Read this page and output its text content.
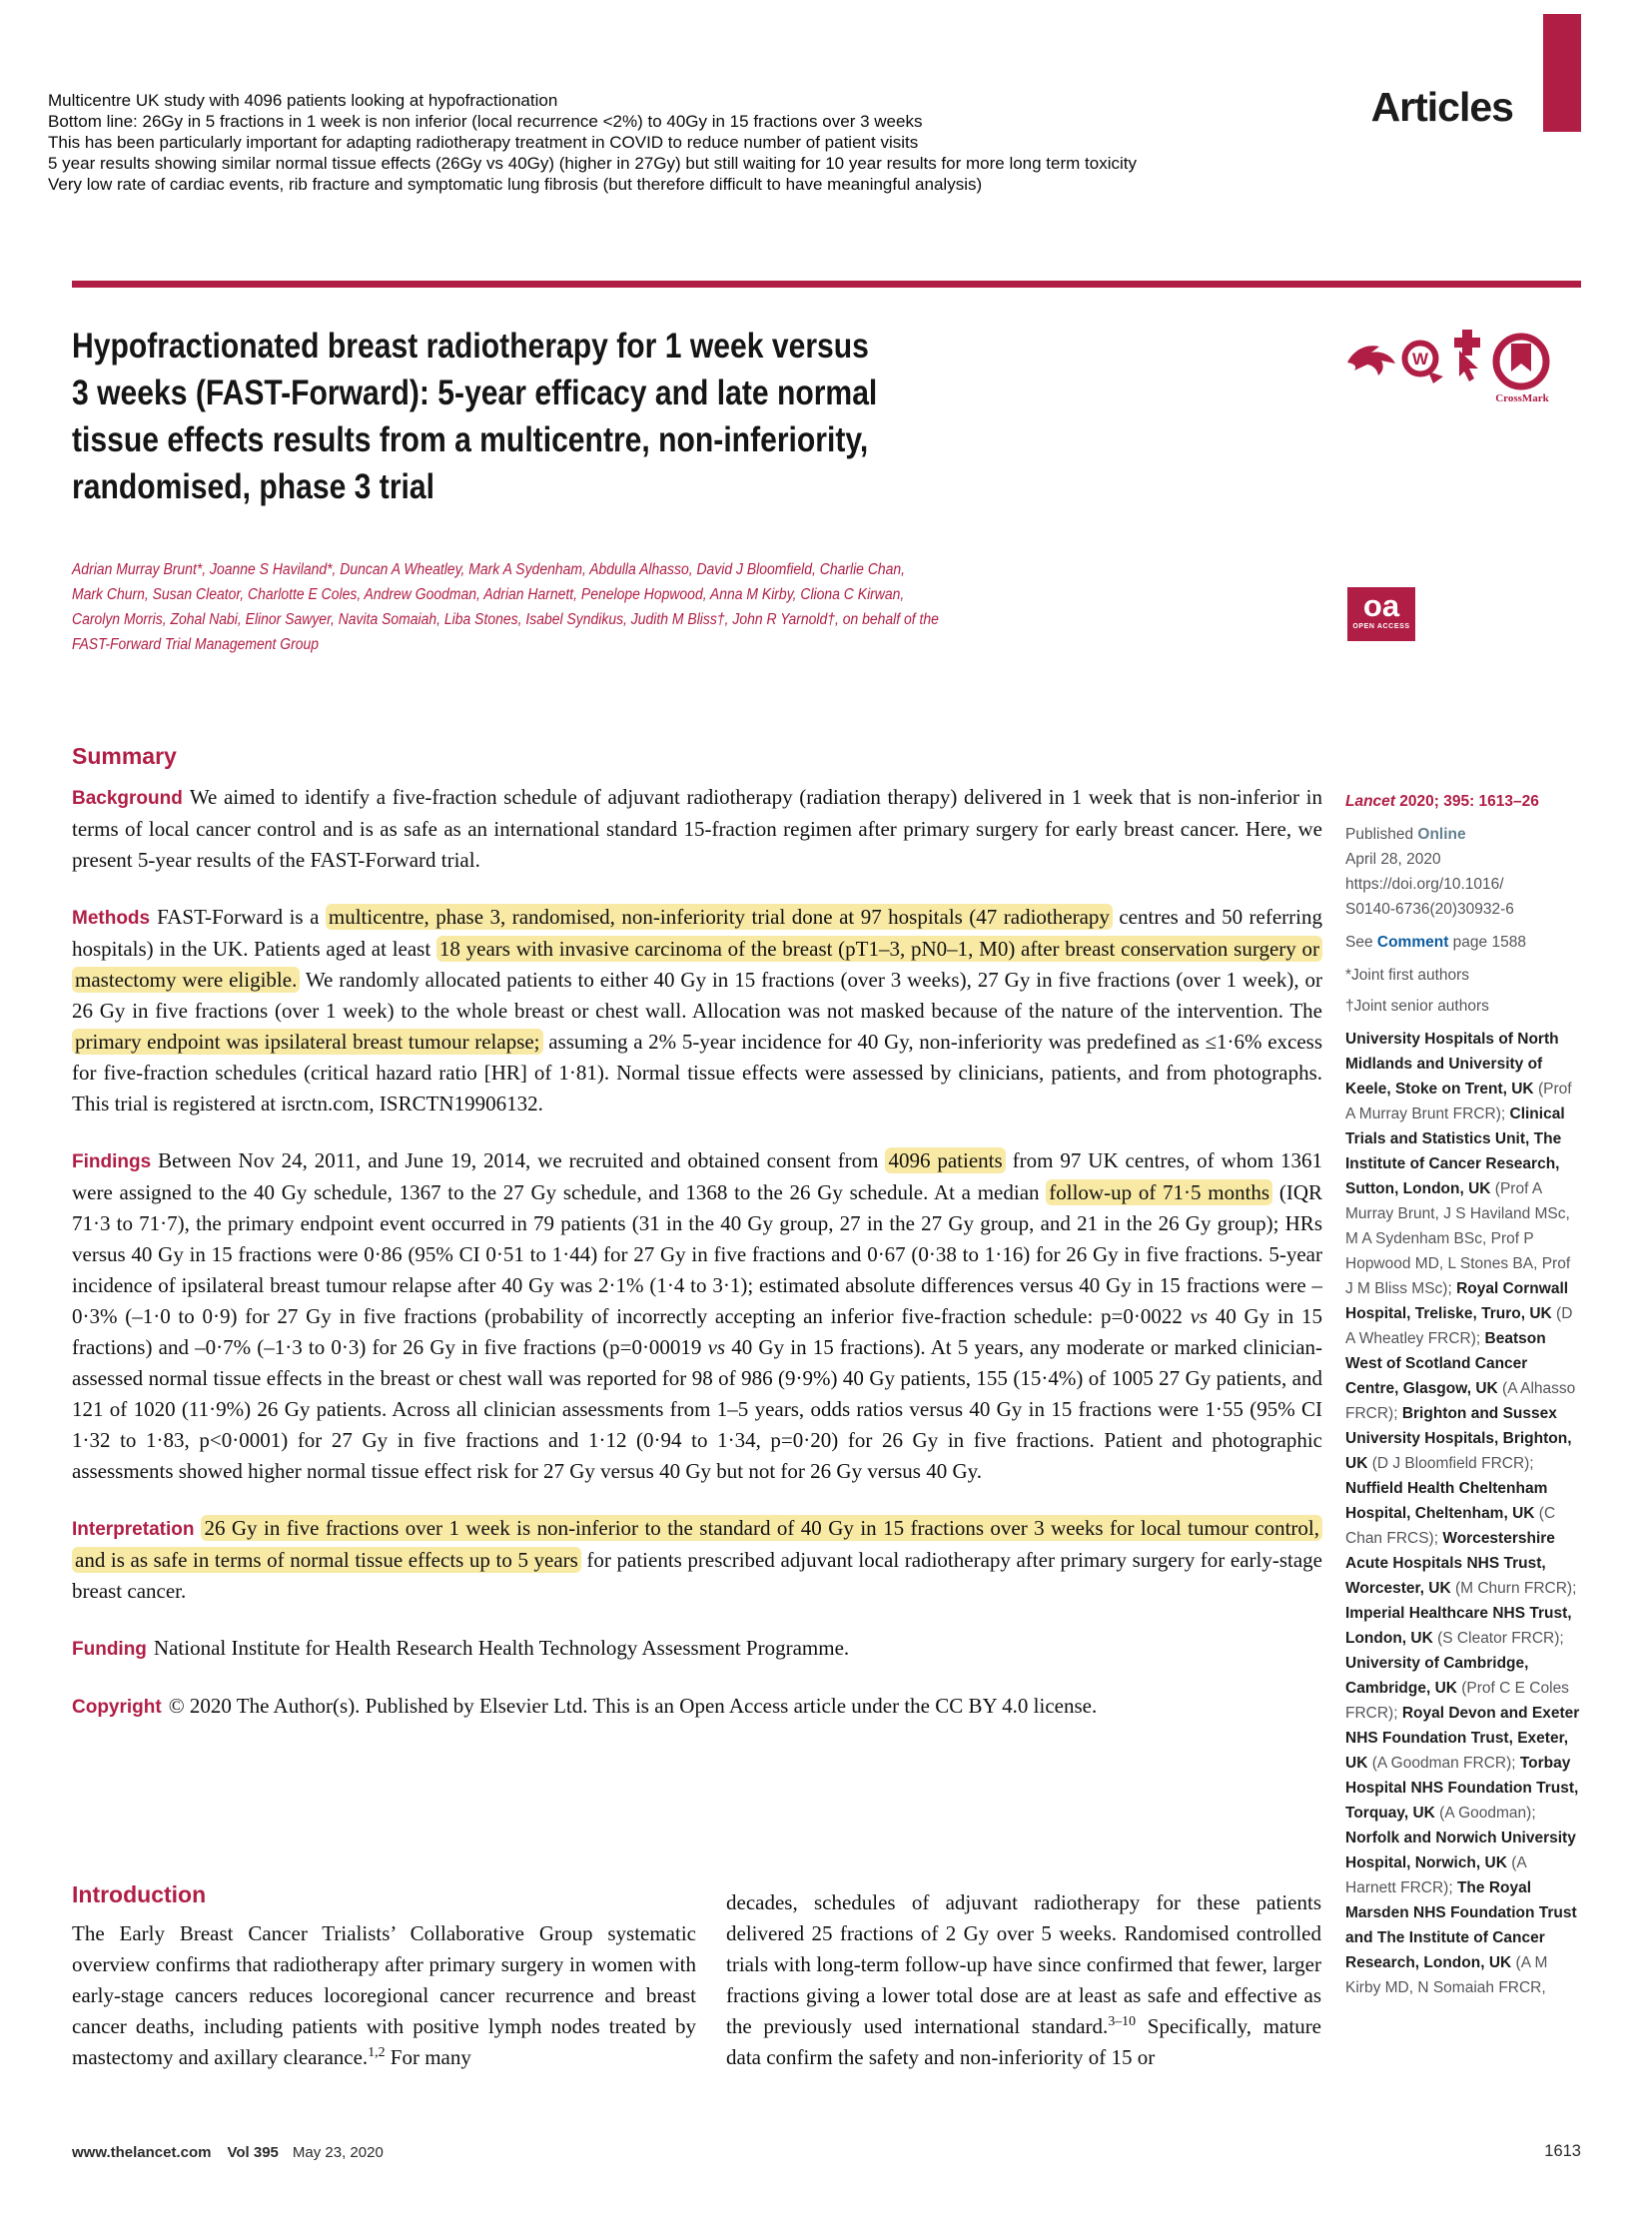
Multicentre UK study with 4096 patients looking at hypofractionation
Bottom line: 26Gy in 5 fractions in 1 week is non inferior (local recurrence <2%) to 40Gy in 15 fractions over 3 weeks
This has been particularly important for adapting radiotherapy treatment in COVID to reduce number of patient visits
5 year results showing similar normal tissue effects (26Gy vs 40Gy) (higher in 27Gy) but still waiting for 10 year results for more long term toxicity
Very low rate of cardiac events, rib fracture and symptomatic lung fibrosis (but therefore difficult to have meaningful analysis)
Articles
Hypofractionated breast radiotherapy for 1 week versus
3 weeks (FAST-Forward): 5-year efficacy and late normal
tissue effects results from a multicentre, non-inferiority,
randomised, phase 3 trial
Adrian Murray Brunt*, Joanne S Haviland*, Duncan A Wheatley, Mark A Sydenham, Abdulla Alhasso, David J Bloomfield, Charlie Chan,
Mark Churn, Susan Cleator, Charlotte E Coles, Andrew Goodman, Adrian Harnett, Penelope Hopwood, Anna M Kirby, Cliona C Kirwan,
Carolyn Morris, Zohal Nabi, Elinor Sawyer, Navita Somaiah, Liba Stones, Isabel Syndikus, Judith M Bliss†, John R Yarnold†, on behalf of the
FAST-Forward Trial Management Group
W
CrossMark
oa
OPEN ACCESS
Summary

Background We aimed to identify a five-fraction schedule of adjuvant radiotherapy (radiation therapy) delivered in 1 week that is non-inferior in terms of local cancer control and is as safe as an international standard 15-fraction regimen after primary surgery for early breast cancer. Here, we present 5-year results of the FAST-Forward trial.

Methods FAST-Forward is a multicentre, phase 3, randomised, non-inferiority trial done at 97 hospitals (47 radiotherapy centres and 50 referring hospitals) in the UK. Patients aged at least 18 years with invasive carcinoma of the breast (pT1–3, pN0–1, M0) after breast conservation surgery or mastectomy were eligible. We randomly allocated patients to either 40 Gy in 15 fractions (over 3 weeks), 27 Gy in five fractions (over 1 week), or 26 Gy in five fractions (over 1 week) to the whole breast or chest wall. Allocation was not masked because of the nature of the intervention. The primary endpoint was ipsilateral breast tumour relapse; assuming a 2% 5-year incidence for 40 Gy, non-inferiority was predefined as ≤1·6% excess for five-fraction schedules (critical hazard ratio [HR] of 1·81). Normal tissue effects were assessed by clinicians, patients, and from photographs. This trial is registered at isrctn.com, ISRCTN19906132.

Findings Between Nov 24, 2011, and June 19, 2014, we recruited and obtained consent from 4096 patients from 97 UK centres, of whom 1361 were assigned to the 40 Gy schedule, 1367 to the 27 Gy schedule, and 1368 to the 26 Gy schedule. At a median follow-up of 71·5 months (IQR 71·3 to 71·7), the primary endpoint event occurred in 79 patients (31 in the 40 Gy group, 27 in the 27 Gy group, and 21 in the 26 Gy group); HRs versus 40 Gy in 15 fractions were 0·86 (95% CI 0·51 to 1·44) for 27 Gy in five fractions and 0·67 (0·38 to 1·16) for 26 Gy in five fractions. 5-year incidence of ipsilateral breast tumour relapse after 40 Gy was 2·1% (1·4 to 3·1); estimated absolute differences versus 40 Gy in 15 fractions were –0·3% (–1·0 to 0·9) for 27 Gy in five fractions (probability of incorrectly accepting an inferior five-fraction schedule: p=0·0022 vs 40 Gy in 15 fractions) and –0·7% (–1·3 to 0·3) for 26 Gy in five fractions (p=0·00019 vs 40 Gy in 15 fractions). At 5 years, any moderate or marked clinician-assessed normal tissue effects in the breast or chest wall was reported for 98 of 986 (9·9%) 40 Gy patients, 155 (15·4%) of 1005 27 Gy patients, and 121 of 1020 (11·9%) 26 Gy patients. Across all clinician assessments from 1–5 years, odds ratios versus 40 Gy in 15 fractions were 1·55 (95% CI 1·32 to 1·83, p<0·0001) for 27 Gy in five fractions and 1·12 (0·94 to 1·34, p=0·20) for 26 Gy in five fractions. Patient and photographic assessments showed higher normal tissue effect risk for 27 Gy versus 40 Gy but not for 26 Gy versus 40 Gy.

Interpretation 26 Gy in five fractions over 1 week is non-inferior to the standard of 40 Gy in 15 fractions over 3 weeks for local tumour control, and is as safe in terms of normal tissue effects up to 5 years for patients prescribed adjuvant local radiotherapy after primary surgery for early-stage breast cancer.

Funding National Institute for Health Research Health Technology Assessment Programme.

Copyright © 2020 The Author(s). Published by Elsevier Ltd. This is an Open Access article under the CC BY 4.0 license.

Introduction

The Early Breast Cancer Trialists’ Collaborative Group systematic overview confirms that radiotherapy after primary surgery in women with early-stage cancers reduces locoregional cancer recurrence and breast cancer deaths, including patients with positive lymph nodes treated by mastectomy and axillary clearance.$^{1,2}$ For many

decades, schedules of adjuvant radiotherapy for these patients delivered 25 fractions of 2 Gy over 5 weeks. Randomised controlled trials with long-term follow-up have since confirmed that fewer, larger fractions giving a lower total dose are at least as safe and effective as the previously used international standard.$^{3-10}$ Specifically, mature data confirm the safety and non-inferiority of 15 or

Lancet 2020; 395: 1613–26
Published Online
April 28, 2020
https://doi.org/10.1016/
S0140-6736(20)30932-6
See Comment page 1588
*Joint first authors
†Joint senior authors
University Hospitals of North Midlands and University of Keele, Stoke on Trent, UK (Prof A Murray Brunt FRCR); Clinical Trials and Statistics Unit, The Institute of Cancer Research, Sutton, London, UK (Prof A Murray Brunt, J S Haviland MSc, M A Sydenham BSc, Prof P Hopwood MD, L Stones BA, Prof J M Bliss MSc); Royal Cornwall Hospital, Treliske, Truro, UK (D A Wheatley FRCR); Beatson West of Scotland Cancer Centre, Glasgow, UK (A Alhasso FRCR); Brighton and Sussex University Hospitals, Brighton, UK (D J Bloomfield FRCR); Nuffield Health Cheltenham Hospital, Cheltenham, UK (C Chan FRCS); Worcestershire Acute Hospitals NHS Trust, Worcester, UK (M Churn FRCR); Imperial Healthcare NHS Trust, London, UK (S Cleator FRCR); University of Cambridge, Cambridge, UK (Prof C E Coles FRCR); Royal Devon and Exeter NHS Foundation Trust, Exeter, UK (A Goodman FRCR); Torbay Hospital NHS Foundation Trust, Torquay, UK (A Goodman); Norfolk and Norwich University Hospital, Norwich, UK (A Harnett FRCR); The Royal Marsden NHS Foundation Trust and The Institute of Cancer Research, London, UK (A M Kirby MD, N Somaiah FRCR,
www.thelancet.com Vol 395 May 23, 2020	1613
